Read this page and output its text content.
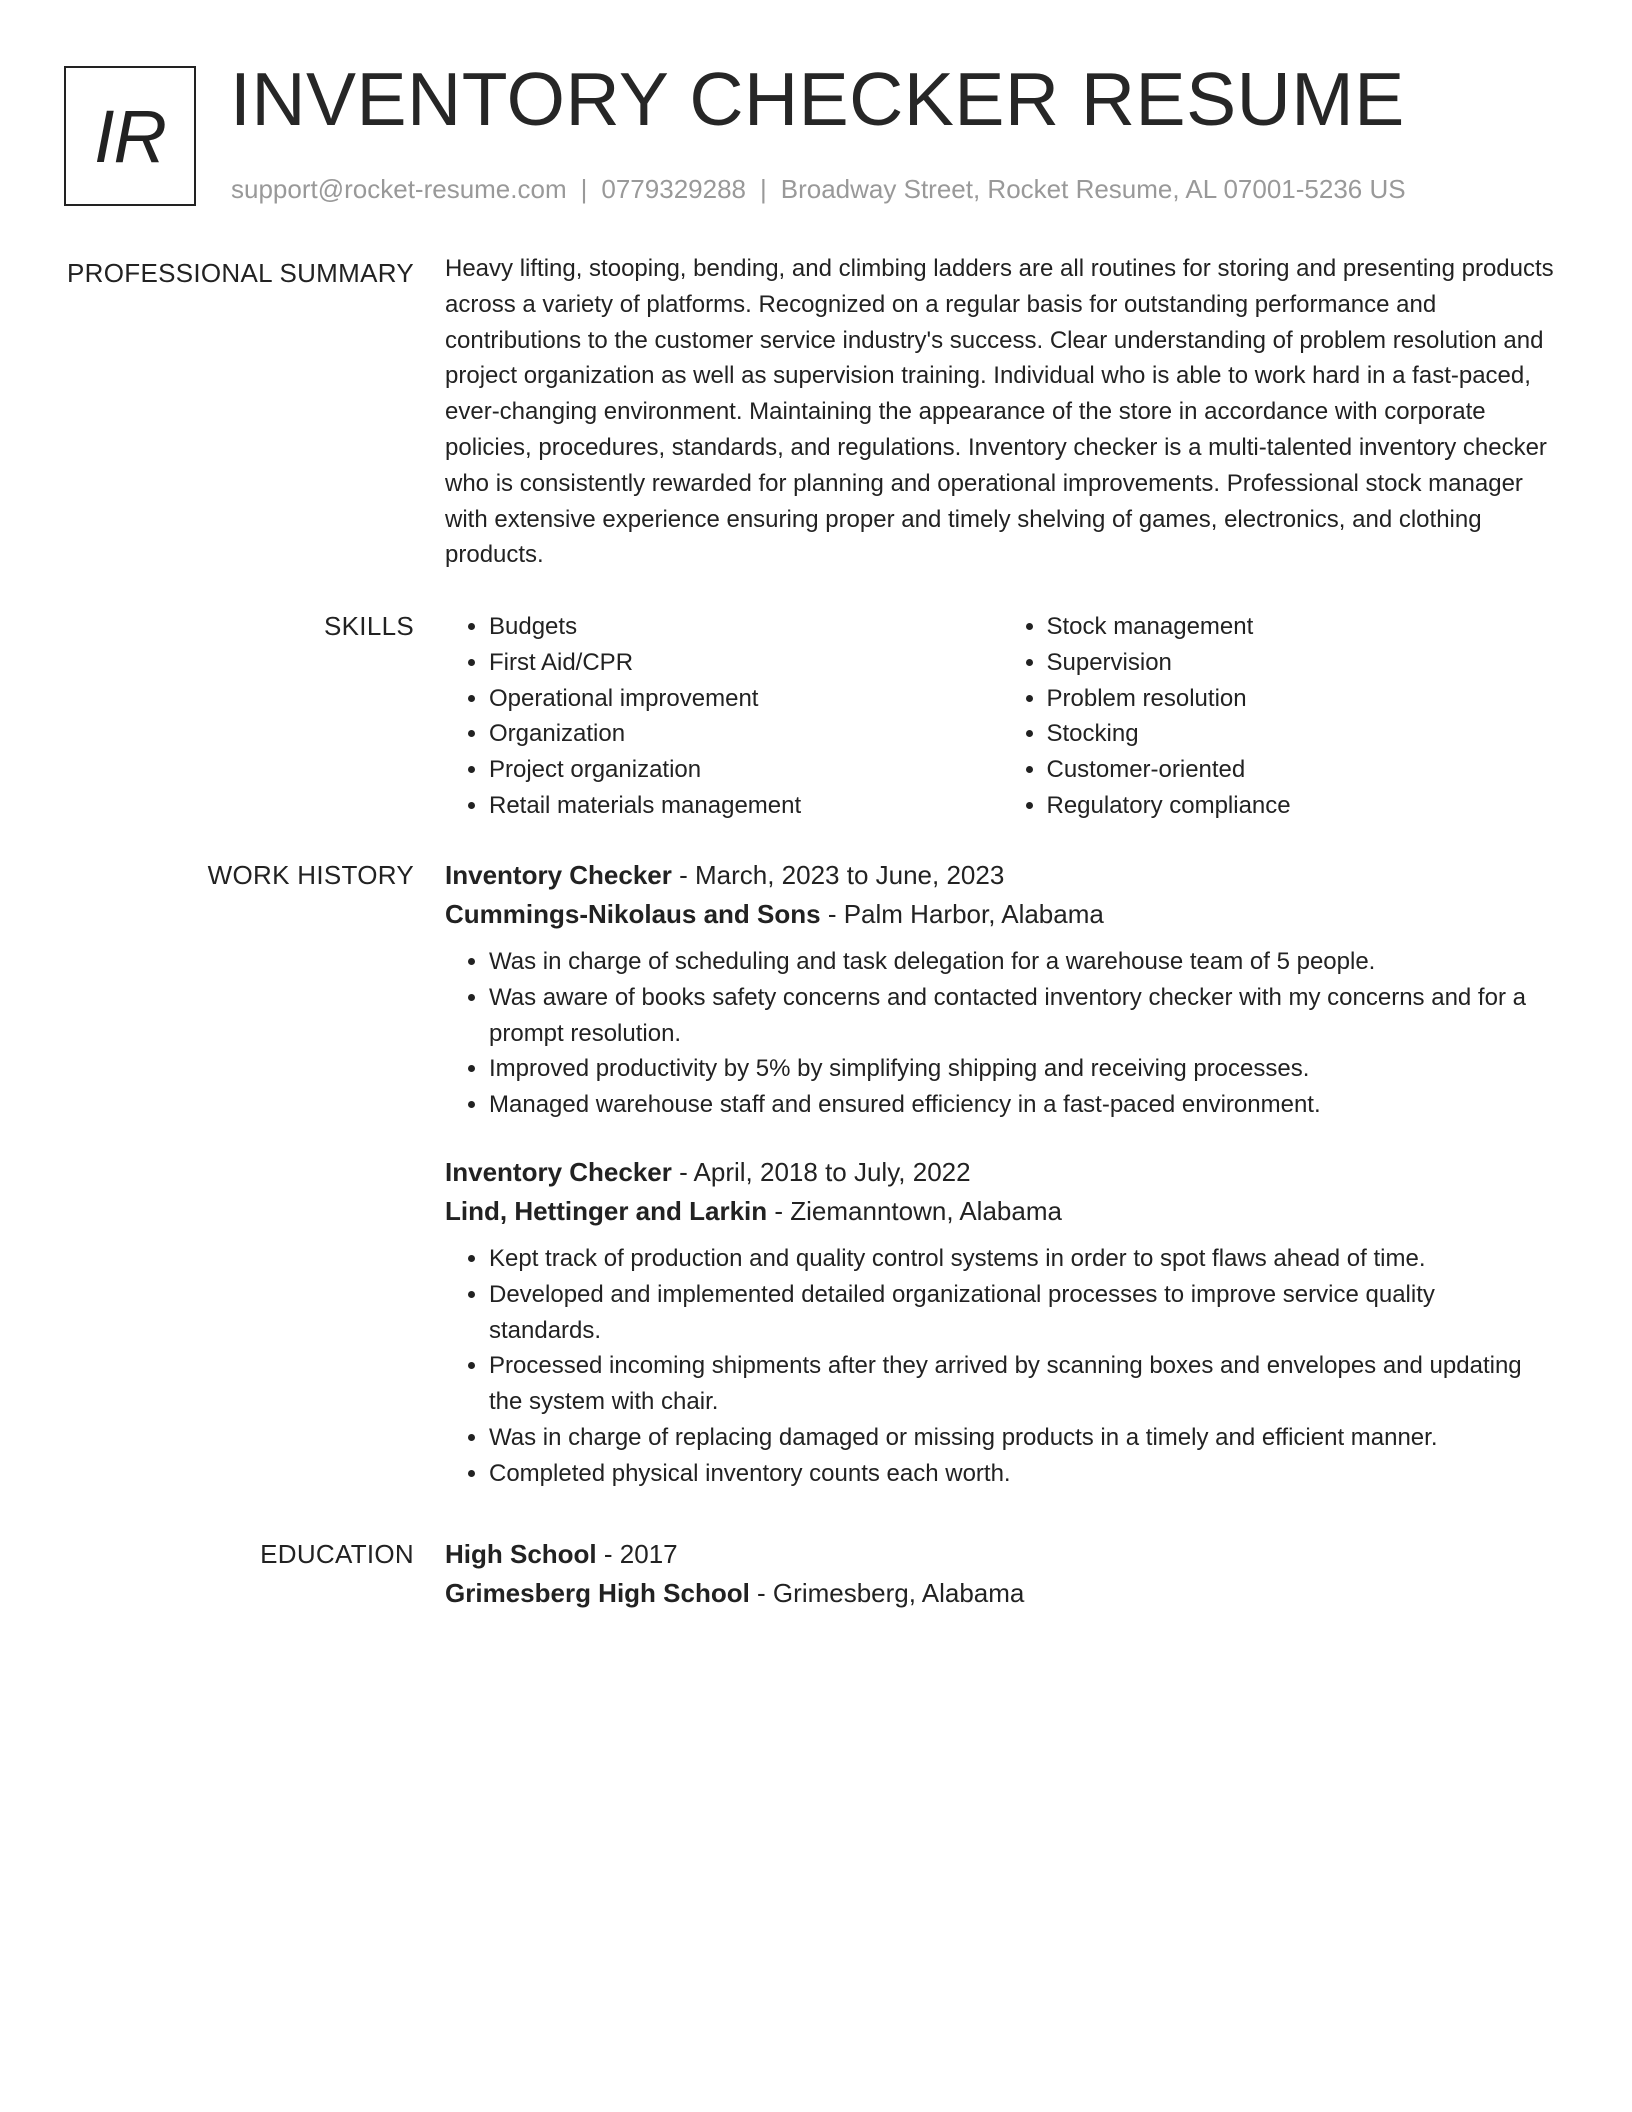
IR INVENTORY CHECKER RESUME
support@rocket-resume.com | 0779329288 | Broadway Street, Rocket Resume, AL 07001-5236 US
PROFESSIONAL SUMMARY Heavy lifting, stooping, bending, and climbing ladders are all routines for storing and presenting products across a variety of platforms. Recognized on a regular basis for outstanding performance and contributions to the customer service industry's success. Clear understanding of problem resolution and project organization as well as supervision training. Individual who is able to work hard in a fast-paced, ever-changing environment. Maintaining the appearance of the store in accordance with corporate policies, procedures, standards, and regulations. Inventory checker is a multi-talented inventory checker who is consistently rewarded for planning and operational improvements. Professional stock manager with extensive experience ensuring proper and timely shelving of games, electronics, and clothing products.

SKILLS
•	Budgets
• First Aid/CPR
• Operational improvement
• Organization
• Project organization
• Retail materials management
• Stock management
• Supervision
• Problem resolution
• Stocking
• Customer-oriented
• Regulatory compliance
WORK HISTORY Inventory Checker - March, 2023 to June, 2023
Cummings-Nikolaus and Sons - Palm Harbor, Alabama
• Was in charge of scheduling and task delegation for a warehouse team of 5 people.
• Was aware of books safety concerns and contacted inventory checker with my concerns and for a prompt resolution.
• Improved productivity by 5% by simplifying shipping and receiving processes.
• Managed warehouse staff and ensured efficiency in a fast-paced environment.
Inventory Checker - April, 2018 to July, 2022
Lind, Hettinger and Larkin - Ziemanntown, Alabama
• Kept track of production and quality control systems in order to spot flaws ahead of time.
• Developed and implemented detailed organizational processes to improve service quality standards.
• Processed incoming shipments after they arrived by scanning boxes and envelopes and updating the system with chair.
• Was in charge of replacing damaged or missing products in a timely and efficient manner.
• Completed physical inventory counts each worth.
EDUCATION High School - 2017
Grimesberg High School - Grimesberg, Alabama
